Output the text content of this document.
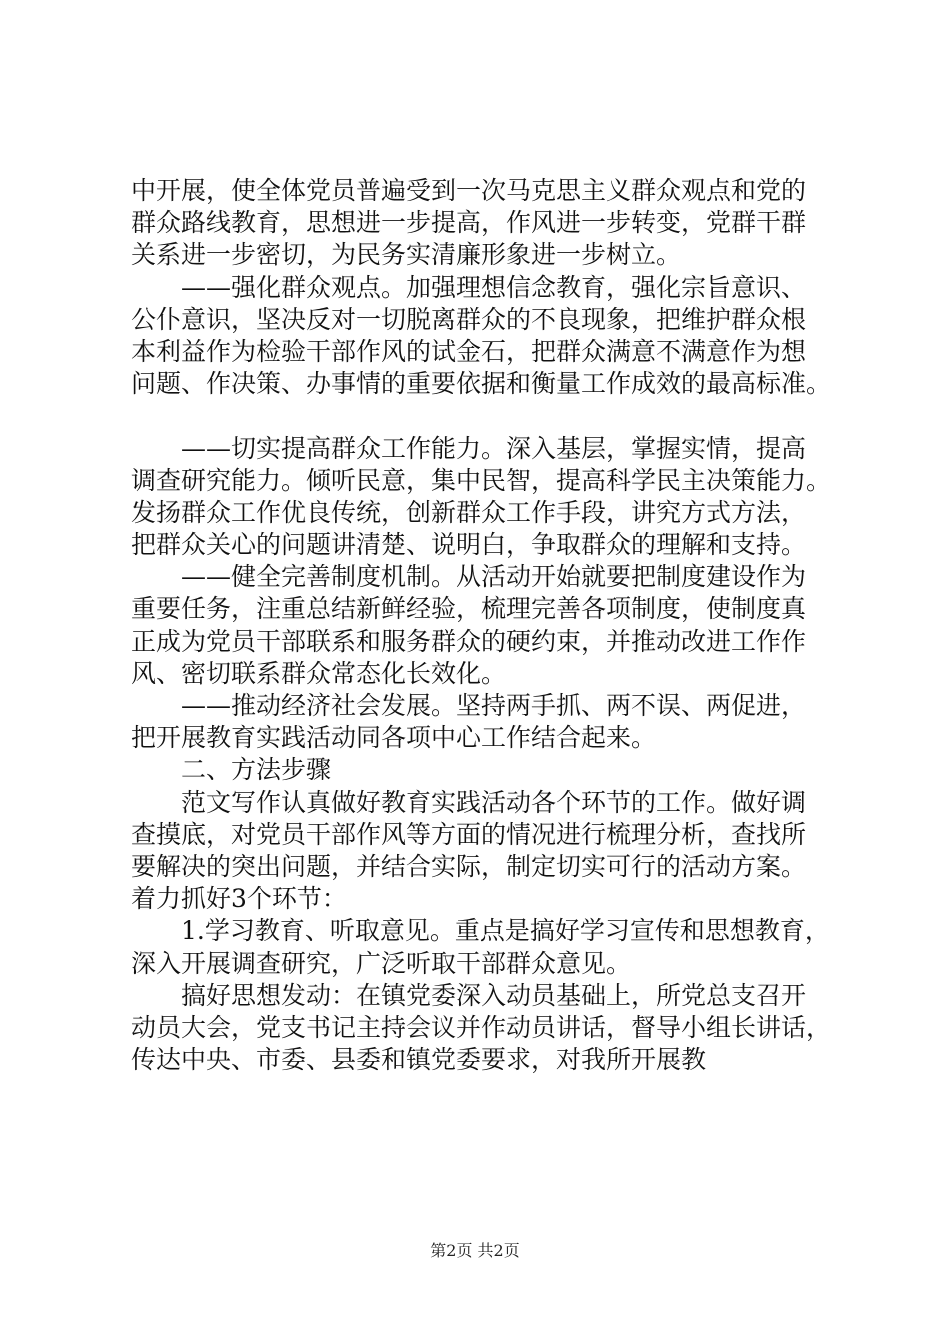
中开展，使全体党员普遍受到一次马克思主义群众观点和党的
群众路线教育，思想进一步提高，作风进一步转变，党群干群
关系进一步密切，为民务实清廉形象进一步树立。
——强化群众观点。加强理想信念教育，强化宗旨意识、
公仆意识，坚决反对一切脱离群众的不良现象，把维护群众根
本利益作为检验干部作风的试金石，把群众满意不满意作为想
问题、作决策、办事情的重要依据和衡量工作成效的最高标准。
——切实提高群众工作能力。深入基层，掌握实情，提高
调查研究能力。倾听民意，集中民智，提高科学民主决策能力。
发扬群众工作优良传统，创新群众工作手段，讲究方式方法，
把群众关心的问题讲清楚、说明白，争取群众的理解和支持。
——健全完善制度机制。从活动开始就要把制度建设作为
重要任务，注重总结新鲜经验，梳理完善各项制度，使制度真
正成为党员干部联系和服务群众的硬约束，并推动改进工作作
风、密切联系群众常态化长效化。
——推动经济社会发展。坚持两手抓、两不误、两促进，
把开展教育实践活动同各项中心工作结合起来。
二、方法步骤
范文写作认真做好教育实践活动各个环节的工作。做好调
查摸底，对党员干部作风等方面的情况进行梳理分析，查找所
要解决的突出问题，并结合实际，制定切实可行的活动方案。
着力抓好3个环节：
1.学习教育、听取意见。重点是搞好学习宣传和思想教育，
深入开展调查研究，广泛听取干部群众意见。
搞好思想发动：在镇党委深入动员基础上，所党总支召开
动员大会，党支书记主持会议并作动员讲话，督导小组长讲话，
传达中央、市委、县委和镇党委要求，对我所开展教
第2页 共2页
